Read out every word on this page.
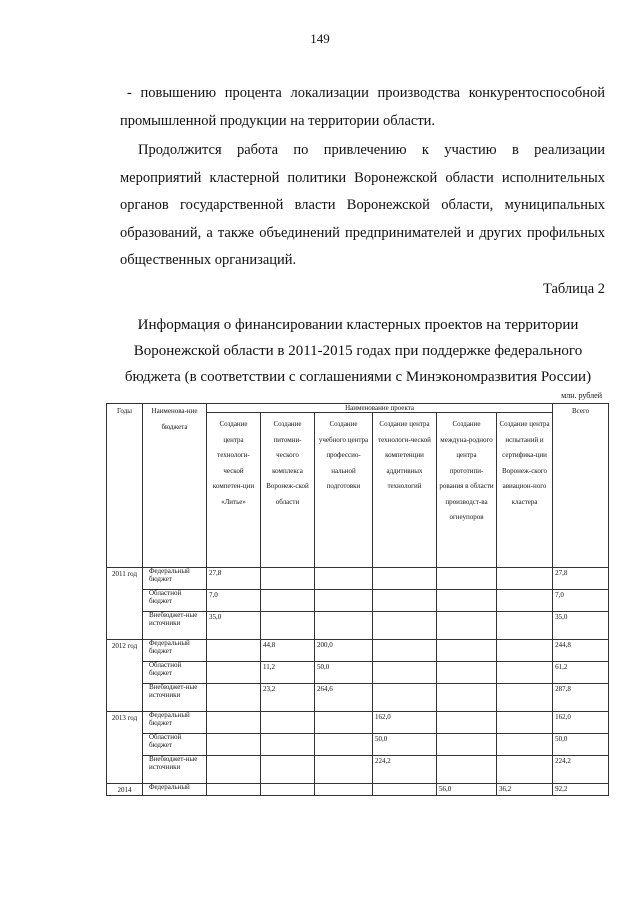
149

- повышению процента локализации производства конкурентоспособной промышленной продукции на территории области.

Продолжится работа по привлечению к участию в реализации мероприятий кластерной политики Воронежской области исполнительных органов государственной власти Воронежской области, муниципальных образований, а также объединений предпринимателей и других профильных общественных организаций.

Таблица 2
Информация о финансировании кластерных проектов на территории Воронежской области в 2011-2015 годах при поддержке федерального бюджета (в соответствии с соглашениями с Минэкономразвития России)
млн. рублей
Годы	Наименова-ние бюджета	Наименование проекта						Всего
		Создание центра технологи-ческой компетен-ции «Литье»	Создание питомни-ческого комплекса Воронеж-ской области	Создание учебного центра профессио-нальной подготовки	Создание центра технологи-ческой компетенции аддитивных технологий	Создание междуна-родного центра прототипи-рования в области производст-ва огнеупоров	Создание центра испытаний и сертифика-ции Воронеж-ского авиацион-ного кластера	
2011 год	Федеральный бюджет	27,8						27,8
	Областной бюджет	7,0						7,0
	Внебюджет-ные источники	35,0						35,0
2012 год	Федеральный бюджет		44,8	200,0				244,8
	Областной бюджет		11,2	50,0				61,2
	Внебюджет-ные источники		23,2	264,6				287,8
2013 год	Федеральный бюджет				162,0			162,0
	Областной бюджет				50,0			50,0
	Внебюджет-ные источники				224,2			224,2
2014	Федеральный					56,0	36,2	92,2
